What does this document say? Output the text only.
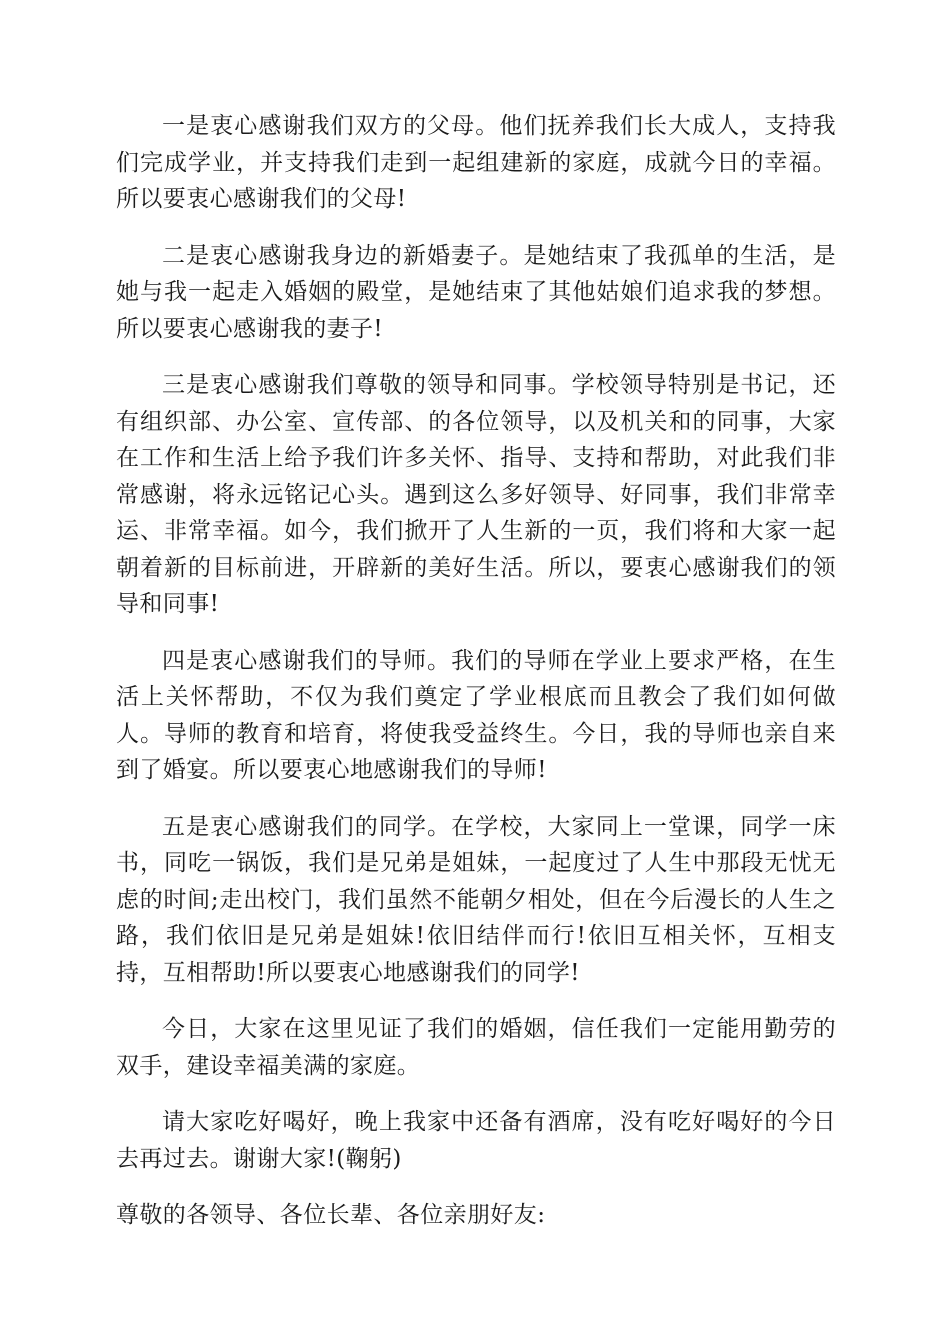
一是衷心感谢我们双方的父母。他们抚养我们长大成人，支持我们完成学业，并支持我们走到一起组建新的家庭，成就今日的幸福。所以要衷心感谢我们的父母!

二是衷心感谢我身边的新婚妻子。是她结束了我孤单的生活，是她与我一起走入婚姻的殿堂，是她结束了其他姑娘们追求我的梦想。所以要衷心感谢我的妻子!

三是衷心感谢我们尊敬的领导和同事。学校领导特别是书记，还有组织部、办公室、宣传部、的各位领导，以及机关和的同事，大家在工作和生活上给予我们许多关怀、指导、支持和帮助，对此我们非常感谢，将永远铭记心头。遇到这么多好领导、好同事，我们非常幸运、非常幸福。如今，我们掀开了人生新的一页，我们将和大家一起朝着新的目标前进，开辟新的美好生活。所以，要衷心感谢我们的领导和同事!

四是衷心感谢我们的导师。我们的导师在学业上要求严格，在生活上关怀帮助，不仅为我们奠定了学业根底而且教会了我们如何做人。导师的教育和培育，将使我受益终生。今日，我的导师也亲自来到了婚宴。所以要衷心地感谢我们的导师!

五是衷心感谢我们的同学。在学校，大家同上一堂课，同学一床书，同吃一锅饭，我们是兄弟是姐妹，一起度过了人生中那段无忧无虑的时间;走出校门，我们虽然不能朝夕相处，但在今后漫长的人生之路，我们依旧是兄弟是姐妹!依旧结伴而行!依旧互相关怀，互相支持，互相帮助!所以要衷心地感谢我们的同学!

今日，大家在这里见证了我们的婚姻，信任我们一定能用勤劳的双手，建设幸福美满的家庭。

请大家吃好喝好，晚上我家中还备有酒席，没有吃好喝好的今日去再过去。谢谢大家!(鞠躬)

尊敬的各领导、各位长辈、各位亲朋好友:
